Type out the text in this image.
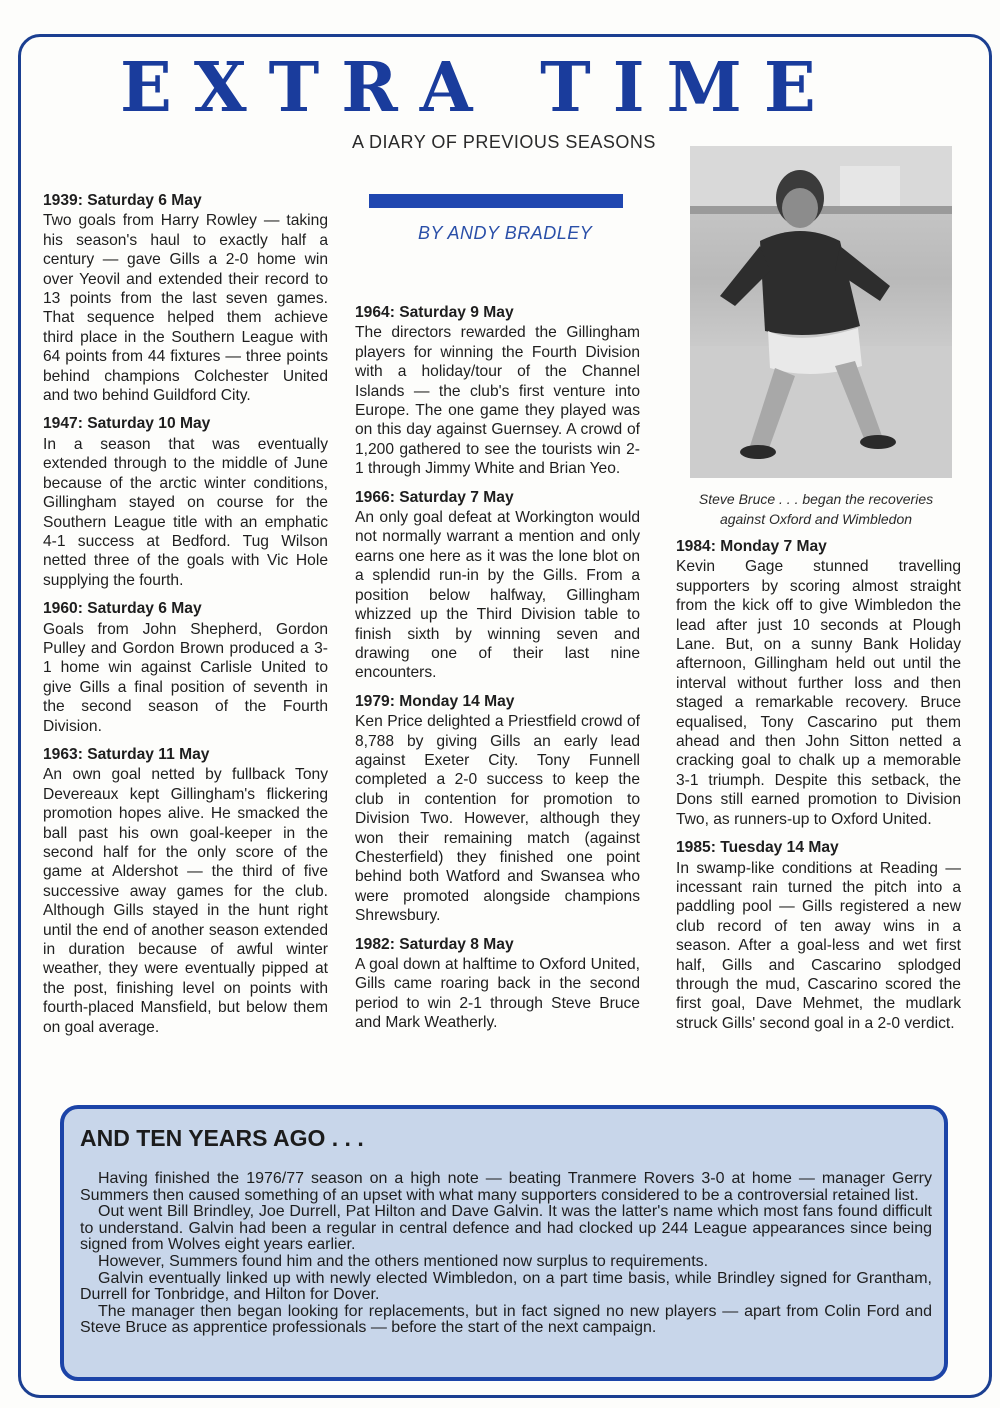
EXTRA TIME
A DIARY OF PREVIOUS SEASONS
BY ANDY BRADLEY
1939: Saturday 6 May

Two goals from Harry Rowley — taking his season's haul to exactly half a century — gave Gills a 2-0 home win over Yeovil and extended their record to 13 points from the last seven games. That sequence helped them achieve third place in the Southern League with 64 points from 44 fixtures — three points behind champions Colchester United and two behind Guildford City.

1947: Saturday 10 May

In a season that was eventually extended through to the middle of June because of the arctic winter conditions, Gillingham stayed on course for the Southern League title with an emphatic 4-1 success at Bedford. Tug Wilson netted three of the goals with Vic Hole supplying the fourth.

1960: Saturday 6 May

Goals from John Shepherd, Gordon Pulley and Gordon Brown produced a 3-1 home win against Carlisle United to give Gills a final position of seventh in the second season of the Fourth Division.

1963: Saturday 11 May

An own goal netted by fullback Tony Devereaux kept Gillingham's flickering promotion hopes alive. He smacked the ball past his own goal-keeper in the second half for the only score of the game at Aldershot — the third of five successive away games for the club. Although Gills stayed in the hunt right until the end of another season extended in duration because of awful winter weather, they were eventually pipped at the post, finishing level on points with fourth-placed Mansfield, but below them on goal average.

1964: Saturday 9 May

The directors rewarded the Gillingham players for winning the Fourth Division with a holiday/tour of the Channel Islands — the club's first venture into Europe. The one game they played was on this day against Guernsey. A crowd of 1,200 gathered to see the tourists win 2-1 through Jimmy White and Brian Yeo.

1966: Saturday 7 May

An only goal defeat at Workington would not normally warrant a mention and only earns one here as it was the lone blot on a splendid run-in by the Gills. From a position below halfway, Gillingham whizzed up the Third Division table to finish sixth by winning seven and drawing one of their last nine encounters.

1979: Monday 14 May

Ken Price delighted a Priestfield crowd of 8,788 by giving Gills an early lead against Exeter City. Tony Funnell completed a 2-0 success to keep the club in contention for promotion to Division Two. However, although they won their remaining match (against Chesterfield) they finished one point behind both Watford and Swansea who were promoted alongside champions Shrewsbury.

1982: Saturday 8 May

A goal down at halftime to Oxford United, Gills came roaring back in the second period to win 2-1 through Steve Bruce and Mark Weatherly.

Steve Bruce . . . began the recoveries
against Oxford and Wimbledon
1984: Monday 7 May

Kevin Gage stunned travelling supporters by scoring almost straight from the kick off to give Wimbledon the lead after just 10 seconds at Plough Lane. But, on a sunny Bank Holiday afternoon, Gillingham held out until the interval without further loss and then staged a remarkable recovery. Bruce equalised, Tony Cascarino put them ahead and then John Sitton netted a cracking goal to chalk up a memorable 3-1 triumph. Despite this setback, the Dons still earned promotion to Division Two, as runners-up to Oxford United.

1985: Tuesday 14 May

In swamp-like conditions at Reading — incessant rain turned the pitch into a paddling pool — Gills registered a new club record of ten away wins in a season. After a goal-less and wet first half, Gills and Cascarino splodged through the mud, Cascarino scored the first goal, Dave Mehmet, the mudlark struck Gills' second goal in a 2-0 verdict.

AND TEN YEARS AGO . . .

Having finished the 1976/77 season on a high note — beating Tranmere Rovers 3-0 at home — manager Gerry Summers then caused something of an upset with what many supporters considered to be a controversial retained list.

Out went Bill Brindley, Joe Durrell, Pat Hilton and Dave Galvin. It was the latter's name which most fans found difficult to understand. Galvin had been a regular in central defence and had clocked up 244 League appearances since being signed from Wolves eight years earlier.

However, Summers found him and the others mentioned now surplus to requirements.

Galvin eventually linked up with newly elected Wimbledon, on a part time basis, while Brindley signed for Grantham, Durrell for Tonbridge, and Hilton for Dover.

The manager then began looking for replacements, but in fact signed no new players — apart from Colin Ford and Steve Bruce as apprentice professionals — before the start of the next campaign.
